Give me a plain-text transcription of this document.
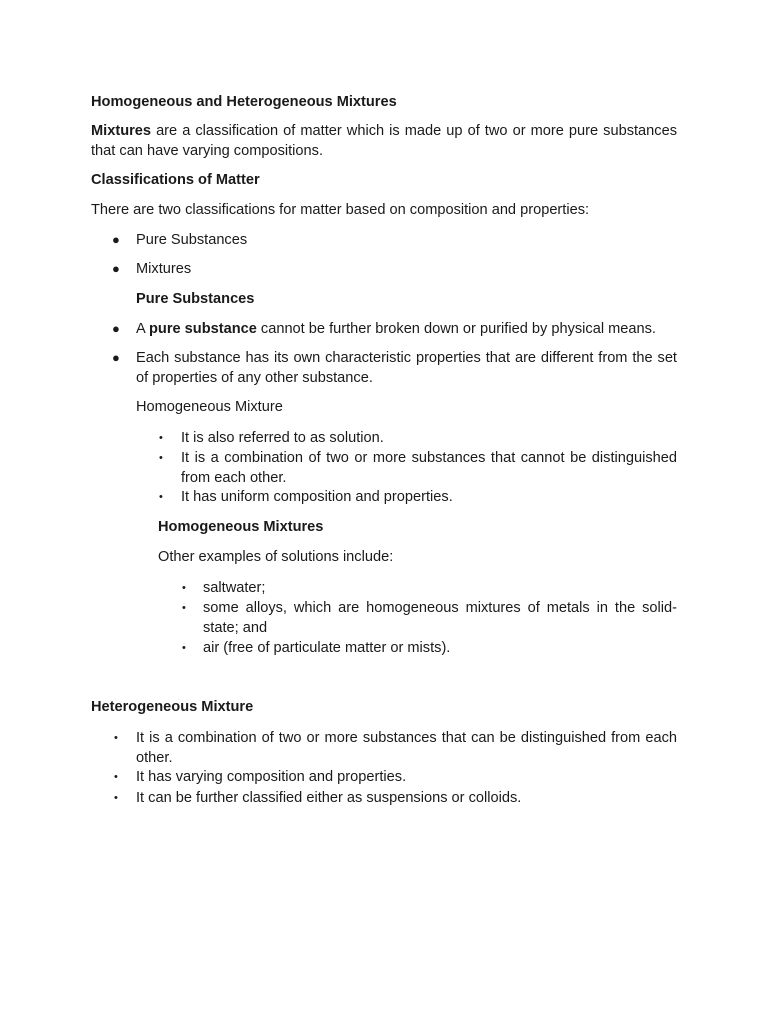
Homogeneous and Heterogeneous Mixtures

Mixtures are a classification of matter which is made up of two or more pure substances that can have varying compositions.

Classifications of Matter

There are two classifications for matter based on composition and properties:

● Pure Substances
● Mixtures

Pure Substances

● A pure substance cannot be further broken down or purified by physical means.
● Each substance has its own characteristic properties that are different from the set of properties of any other substance.

Homogeneous Mixture

• It is also referred to as solution.
• It is a combination of two or more substances that cannot be distinguished from each other.
• It has uniform composition and properties.

Homogeneous Mixtures

Other examples of solutions include:

• saltwater;
• some alloys, which are homogeneous mixtures of metals in the solid-state; and
• air (free of particulate matter or mists).

Heterogeneous Mixture

• It is a combination of two or more substances that can be distinguished from each other.
• It has varying composition and properties.
• It can be further classified either as suspensions or colloids.
